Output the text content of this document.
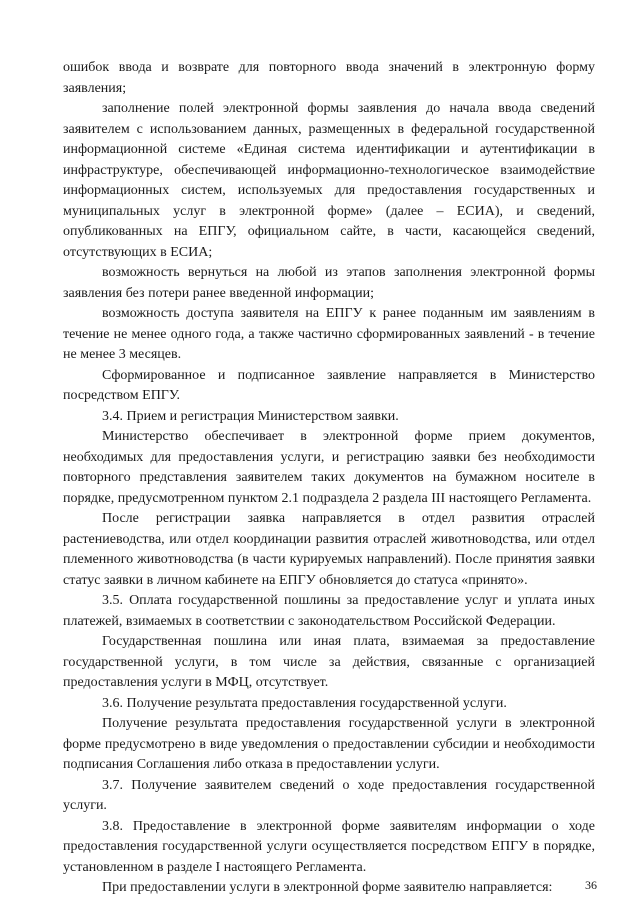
ошибок ввода и возврате для повторного ввода значений в электронную форму заявления;

заполнение полей электронной формы заявления до начала ввода сведений заявителем с использованием данных, размещенных в федеральной государственной информационной системе «Единая система идентификации и аутентификации в инфраструктуре, обеспечивающей информационно-технологическое взаимодействие информационных систем, используемых для предоставления государственных и муниципальных услуг в электронной форме» (далее – ЕСИА), и сведений, опубликованных на ЕПГУ, официальном сайте, в части, касающейся сведений, отсутствующих в ЕСИА;

возможность вернуться на любой из этапов заполнения электронной формы заявления без потери ранее введенной информации;

возможность доступа заявителя на ЕПГУ к ранее поданным им заявлениям в течение не менее одного года, а также частично сформированных заявлений - в течение не менее 3 месяцев.

Сформированное и подписанное заявление направляется в Министерство посредством ЕПГУ.

3.4. Прием и регистрация Министерством заявки.

Министерство обеспечивает в электронной форме прием документов, необходимых для предоставления услуги, и регистрацию заявки без необходимости повторного представления заявителем таких документов на бумажном носителе в порядке, предусмотренном пунктом 2.1 подраздела 2 раздела III настоящего Регламента.

После регистрации заявка направляется в отдел развития отраслей растениеводства, или отдел координации развития отраслей животноводства, или отдел племенного животноводства (в части курируемых направлений). После принятия заявки статус заявки в личном кабинете на ЕПГУ обновляется до статуса «принято».

3.5. Оплата государственной пошлины за предоставление услуг и уплата иных платежей, взимаемых в соответствии с законодательством Российской Федерации.

Государственная пошлина или иная плата, взимаемая за предоставление государственной услуги, в том числе за действия, связанные с организацией предоставления услуги в МФЦ, отсутствует.

3.6. Получение результата предоставления государственной услуги.

Получение результата предоставления государственной услуги в электронной форме предусмотрено в виде уведомления о предоставлении субсидии и необходимости подписания Соглашения либо отказа в предоставлении услуги.

3.7. Получение заявителем сведений о ходе предоставления государственной услуги.

3.8. Предоставление в электронной форме заявителям информации о ходе предоставления государственной услуги осуществляется посредством ЕПГУ в порядке, установленном в разделе I настоящего Регламента.

При предоставлении услуги в электронной форме заявителю направляется:	36
